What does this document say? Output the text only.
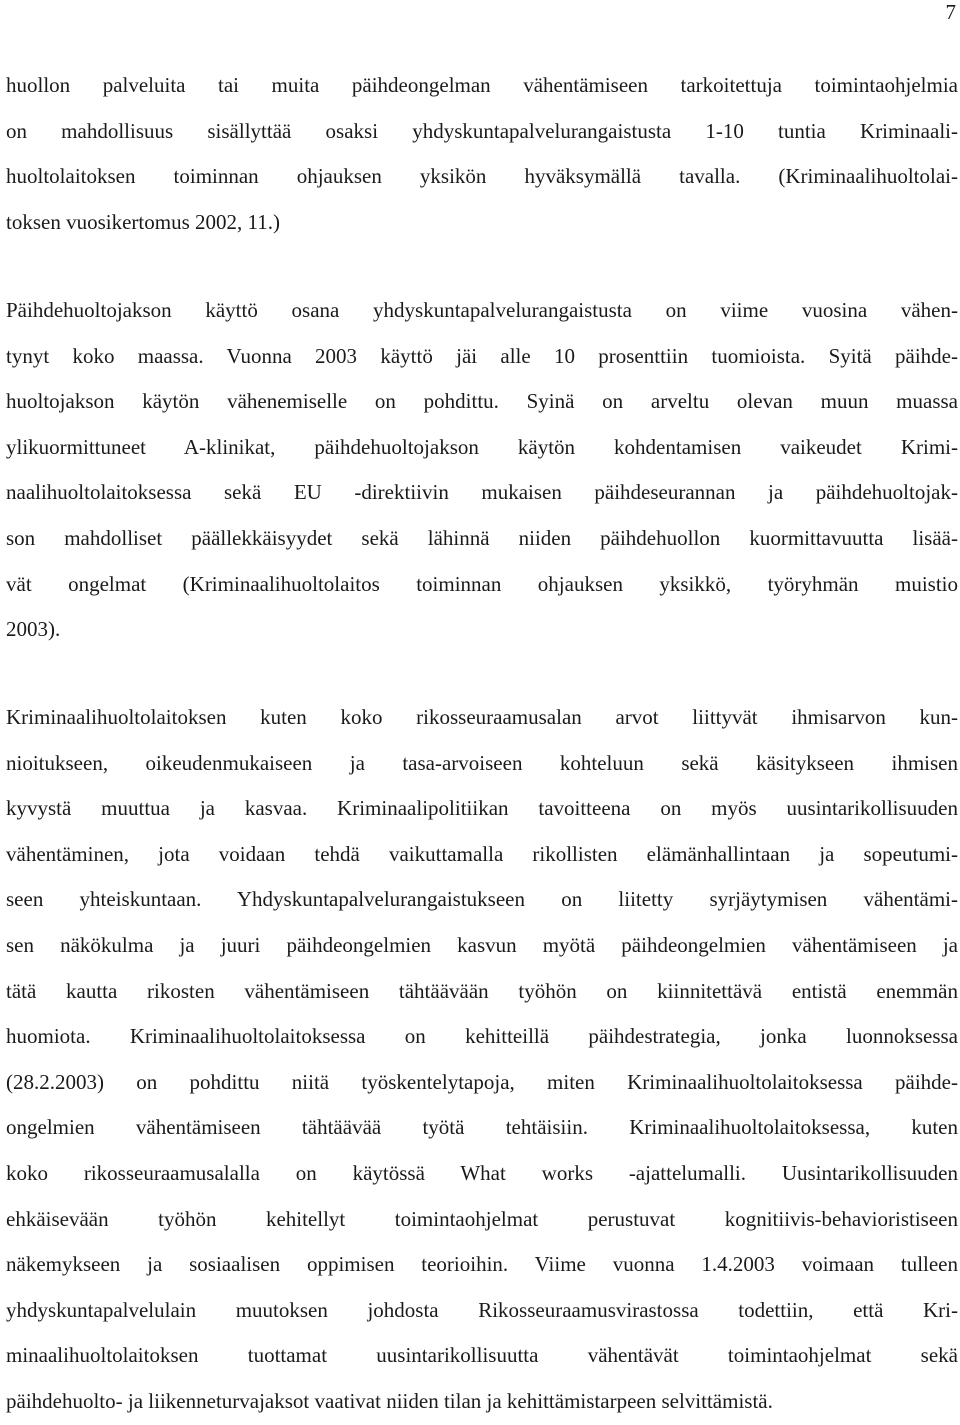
7
huollon palveluita tai muita päihdeongelman vähentämiseen tarkoitettuja toimintaohjelmia
on mahdollisuus sisällyttää osaksi yhdyskuntapalvelurangaistusta 1-10 tuntia Kriminaali-
huoltolaitoksen toiminnan ohjauksen yksikön hyväksymällä tavalla. (Kriminaalihuoltolai-
toksen vuosikertomus 2002, 11.)
Päihdehuoltojakson käyttö osana yhdyskuntapalvelurangaistusta on viime vuosina vähen-
tynyt koko maassa. Vuonna 2003 käyttö jäi alle 10 prosenttiin tuomioista. Syitä päihde-
huoltojakson käytön vähenemiselle on pohdittu. Syinä on arveltu olevan muun muassa
ylikuormittuneet A-klinikat, päihdehuoltojakson käytön kohdentamisen vaikeudet Krimi-
naalihuoltolaitoksessa sekä EU -direktiivin mukaisen päihdeseurannan ja päihdehuoltojak-
son mahdolliset päällekkäisyydet sekä lähinnä niiden päihdehuollon kuormittavuutta lisää-
vät ongelmat (Kriminaalihuoltolaitos toiminnan ohjauksen yksikkö, työryhmän muistio
2003).
Kriminaalihuoltolaitoksen kuten koko rikosseuraamusalan arvot liittyvät ihmisarvon kun-
nioitukseen, oikeudenmukaiseen ja tasa-arvoiseen kohteluun sekä käsitykseen ihmisen
kyvystä muuttua ja kasvaa. Kriminaalipolitiikan tavoitteena on myös uusintarikollisuuden
vähentäminen, jota voidaan tehdä vaikuttamalla rikollisten elämänhallintaan ja sopeutumi-
seen yhteiskuntaan. Yhdyskuntapalvelurangaistukseen on liitetty syrjäytymisen vähentämi-
sen näkökulma ja juuri päihdeongelmien kasvun myötä päihdeongelmien vähentämiseen ja
tätä kautta rikosten vähentämiseen tähtäävään työhön on kiinnitettävä entistä enemmän
huomiota. Kriminaalihuoltolaitoksessa on kehitteillä päihdestrategia, jonka luonnoksessa
(28.2.2003) on pohdittu niitä työskentelytapoja, miten Kriminaalihuoltolaitoksessa päihde-
ongelmien vähentämiseen tähtäävää työtä tehtäisiin. Kriminaalihuoltolaitoksessa, kuten
koko rikosseuraamusalalla on käytössä What works -ajattelumalli. Uusintarikollisuuden
ehkäisevään työhön kehitellyt toimintaohjelmat perustuvat kognitiivis-behavioristiseen
näkemykseen ja sosiaalisen oppimisen teorioihin. Viime vuonna 1.4.2003 voimaan tulleen
yhdyskuntapalvelulain muutoksen johdosta Rikosseuraamusvirastossa todettiin, että Kri-
minaalihuoltolaitoksen tuottamat uusintarikollisuutta vähentävät toimintaohjelmat sekä
päihdehuolto- ja liikenneturvajaksot vaativat niiden tilan ja kehittämistarpeen selvittämistä.
